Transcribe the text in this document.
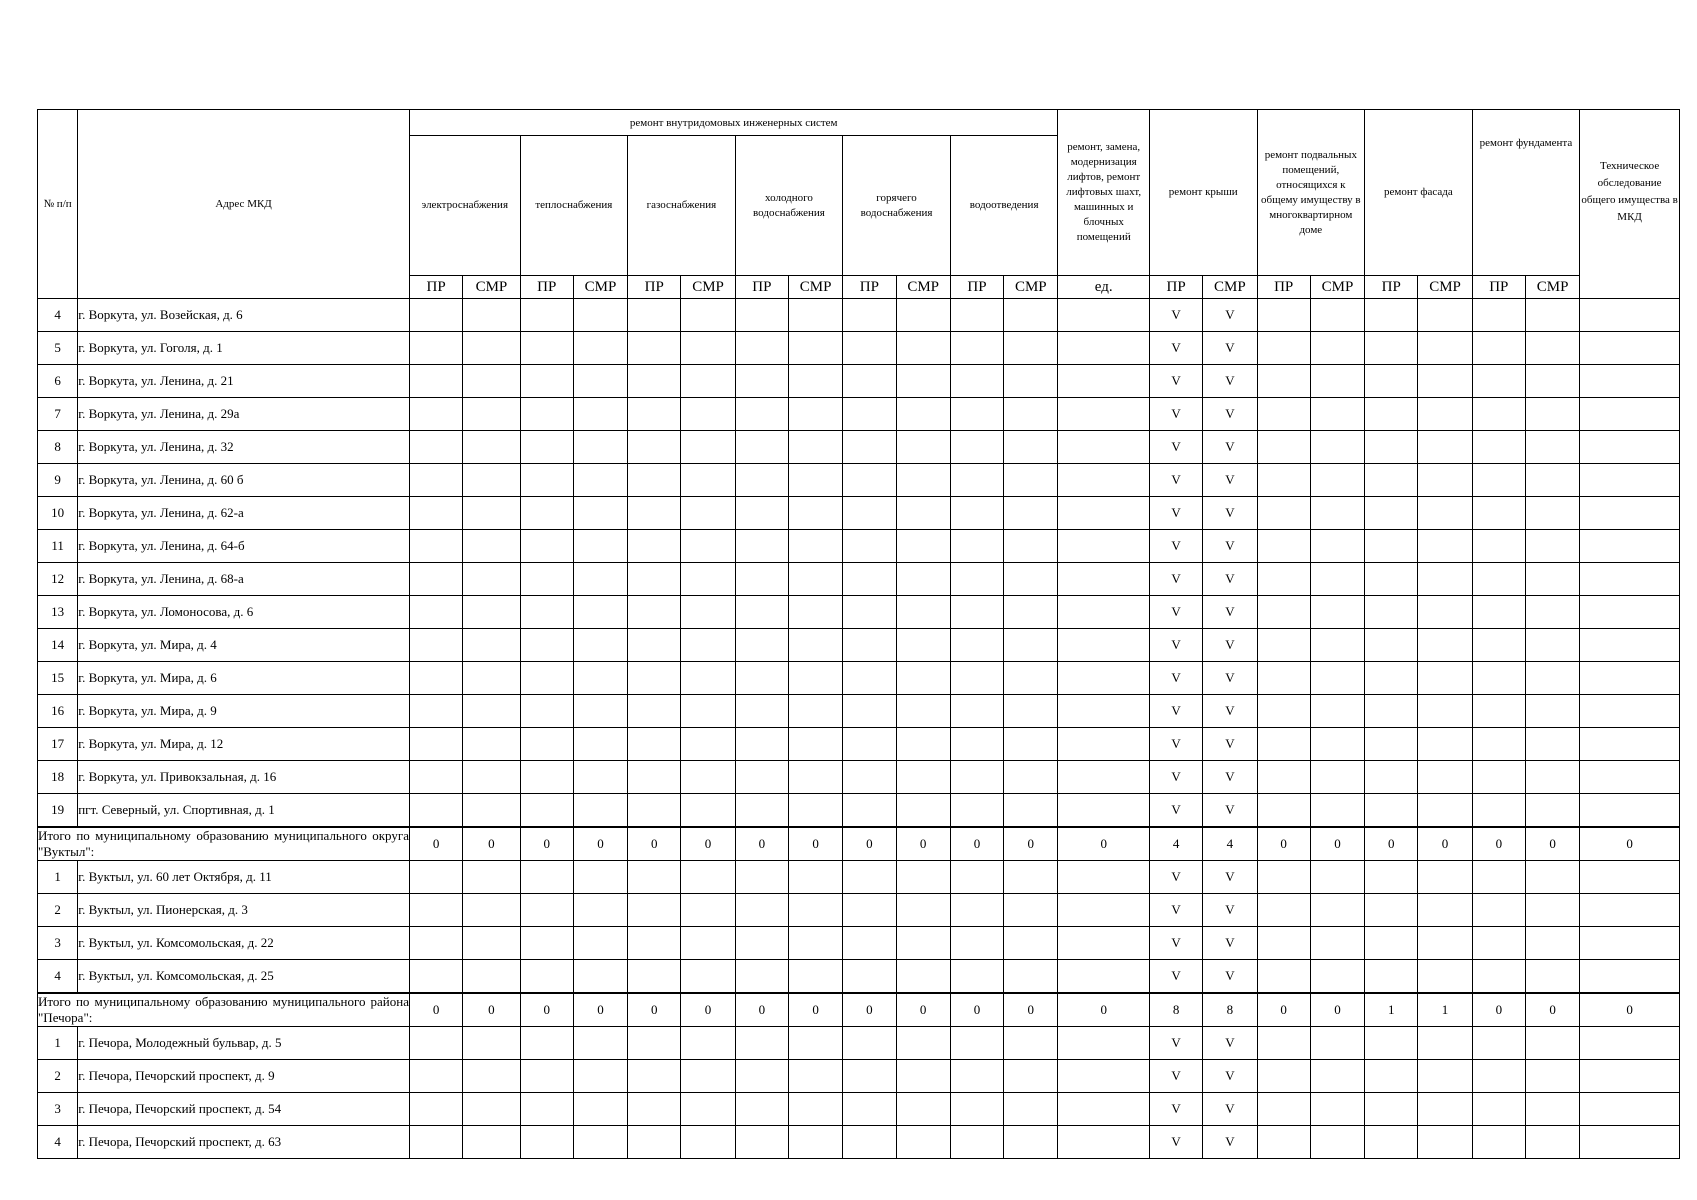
№ п/п	Адрес МКД	ремонт внутридомовых инженерных систем												ремонт, замена, модернизация лифтов, ремонт лифтовых шахт, машинных и блочных помещений	ремонт крыши		ремонт подвальных помещений, относящихся к общему имуществу в многоквартирном доме		ремонт фасада		ремонт фундамента		Техническое обследование общего имущества в МКД
		электроснабжения		теплоснабжения		газоснабжения		холодного водоснабжения		горячего водоснабжения		водоотведения											
		ПР	СМР	ПР	СМР	ПР	СМР	ПР	СМР	ПР	СМР	ПР	СМР	ед.	ПР	СМР	ПР	СМР	ПР	СМР	ПР	СМР	
4	г. Воркута, ул. Возейская, д. 6														V	V							
5	г. Воркута, ул. Гоголя, д. 1														V	V							
6	г. Воркута, ул. Ленина, д. 21														V	V							
7	г. Воркута, ул. Ленина, д. 29а														V	V							
8	г. Воркута, ул. Ленина, д. 32														V	V							
9	г. Воркута, ул. Ленина, д. 60 б														V	V							
10	г. Воркута, ул. Ленина, д. 62-а														V	V							
11	г. Воркута, ул. Ленина, д. 64-б														V	V							
12	г. Воркута, ул. Ленина, д. 68-а														V	V							
13	г. Воркута, ул. Ломоносова, д. 6														V	V							
14	г. Воркута, ул. Мира, д. 4														V	V							
15	г. Воркута, ул. Мира, д. 6														V	V							
16	г. Воркута, ул. Мира, д. 9														V	V							
17	г. Воркута, ул. Мира, д. 12														V	V							
18	г. Воркута, ул. Привокзальная, д. 16														V	V							
19	пгт. Северный, ул. Спортивная, д. 1														V	V							
Итого по муниципальному образованию муниципального округа "Вуктыл":		0	0	0	0	0	0	0	0	0	0	0	0	0	4	4	0	0	0	0	0	0	0
1	г. Вуктыл, ул. 60 лет Октября, д. 11														V	V							
2	г. Вуктыл, ул. Пионерская, д. 3														V	V							
3	г. Вуктыл, ул. Комсомольская, д. 22														V	V							
4	г. Вуктыл, ул. Комсомольская, д. 25														V	V							
Итого по муниципальному образованию муниципального района "Печора":		0	0	0	0	0	0	0	0	0	0	0	0	0	8	8	0	0	1	1	0	0	0
1	г. Печора, Молодежный бульвар, д. 5														V	V							
2	г. Печора, Печорский проспект, д. 9														V	V							
3	г. Печора, Печорский проспект, д. 54														V	V							
4	г. Печора, Печорский проспект, д. 63														V	V							
